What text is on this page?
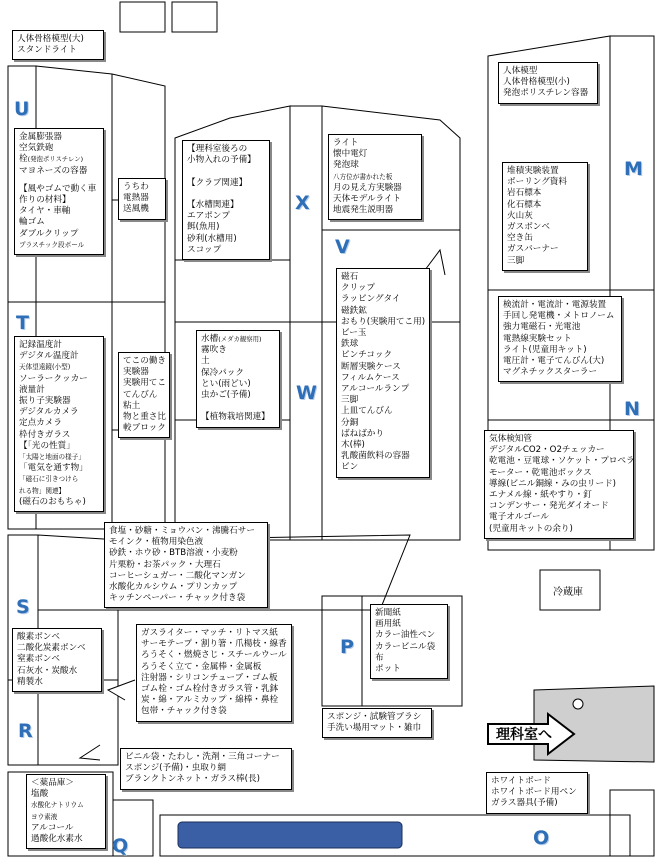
U
T
S
R
Q
X
V
W
M
N
P
O
人体骨格模型(大)
スタンドライト
金属膨張器
空気鉄砲
栓(発泡ポリスチレン)
マヨネーズの容器
【風やゴムで動く車
作りの材料】
タイヤ・車軸
輪ゴム
ダブルクリップ
プラスチック段ボール
うちわ
電熱器
送風機
記録温度計
デジタル温度計
天体望遠鏡(小型)
ソーラークッカー
液量計
振り子実験器
デジタルカメラ
定点カメラ
枠付きガラス
【「光の性質」
「太陽と地面の様子」
「電気を通す物」
「磁石に引きつけら
れる物」関連】
(磁石のおもちゃ)
てこの働き
実験器
実験用てこ
てんびん
粘土
物と重さ比
較ブロック
【理科室後ろの
小物入れの予備】

【クラブ関連】

【水槽関連】
エアポンプ
餌(魚用)
砂利(水槽用)
スコップ
水槽(メダカ観察用)
霧吹き
土
保冷パック
とい(雨どい)
虫かご(予備)

【植物栽培関連】
ライト
懐中電灯
発泡球
八方位が書かれた板
月の見え方実験器
天体モデルライト
地震発生説明器
磁石
クリップ
ラッピングタイ
磁鉄鉱
おもり(実験用てこ用)
ビー玉
鉄球
ピンチコック
断層実験ケース
フィルムケース
アルコールランプ
三脚
上皿てんびん
分銅
ばねばかり
木(棒)
乳酸菌飲料の容器
ビン
人体模型
人体骨格模型(小)
発泡ポリスチレン容器
堆積実験装置
ボーリング資料
岩石標本
化石標本
火山灰
ガスボンベ
空き缶
ガスバーナー
三脚
検流計・電流計・電源装置
手回し発電機・メトロノーム
強力電磁石・光電池
電熱線実験セット
ライト(児童用キット)
電圧計・電子てんびん(大)
マグネチックスターラー
気体検知管
デジタルCO2・O2チェッカー
乾電池・豆電球・ソケット・プロペラ
モーター・乾電池ボックス
導線(ビニル銅線・みの虫リード)
エナメル線・紙やすり・釘
コンデンサー・発光ダイオード
電子オルゴール
(児童用キットの余り)
食塩・砂糖・ミョウバン・沸騰石サー
モインク・植物用染色液
砂鉄・ホウ砂・BTB溶液・小麦粉
片栗粉・お茶パック・大理石
コーヒーシュガー・二酸化マンガン
水酸化カルシウム・プリンカップ
キッチンペーパー・チャック付き袋
冷蔵庫
酸素ボンベ
二酸化炭素ボンベ
窒素ボンベ
石灰水・炭酸水
精製水
ガスライター・マッチ・リトマス紙
サーモテープ・割り箸・爪楊枝・線香
ろうそく・燃焼さじ・スチールウール
ろうそく立て・金属棒・金属板
注射器・シリコンチューブ・ゴム板
ゴム栓・ゴム栓付きガラス管・乳鉢
炭・綿・アルミカップ・綿棒・鼻栓
包帯・チャック付き袋
新聞紙
画用紙
カラー油性ペン
カラービニル袋
布
ポット
スポンジ・試験管ブラシ
手洗い場用マット・雑巾	理科室へ
ビニル袋・たわし・洗剤・三角コーナー
スポンジ(予備)・虫取り網
ブランクトンネット・ガラス棒(長)
＜薬品庫＞
塩酸
水酸化ナトリウム
ヨウ素液
アルコール
過酸化水素水
ホワイトボード
ホワイトボード用ペン
ガラス器具(予備)
